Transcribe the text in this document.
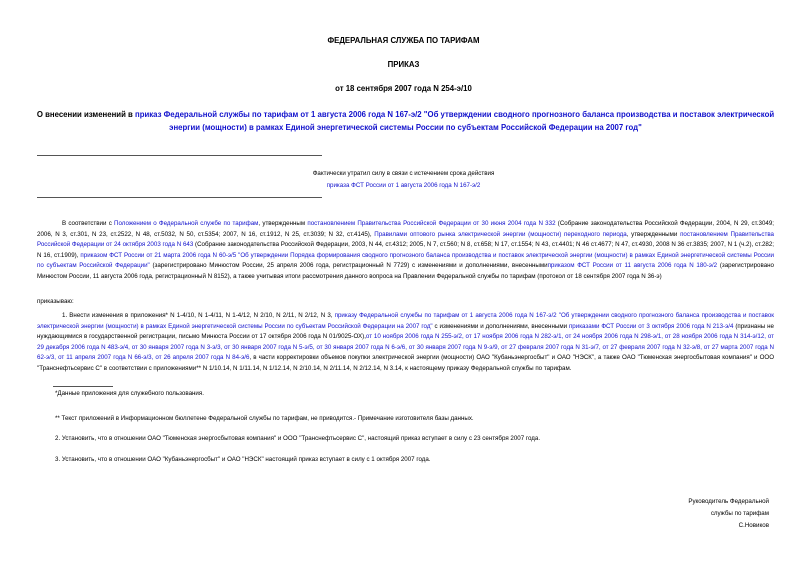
ФЕДЕРАЛЬНАЯ СЛУЖБА ПО ТАРИФАМ
ПРИКАЗ
от 18 сентября 2007 года N 254-э/10
О внесении изменений в приказ Федеральной службы по тарифам от 1 августа 2006 года N 167-э/2 "Об утверждении сводного прогнозного баланса производства и поставок электрической энергии (мощности) в рамках Единой энергетической системы России по субъектам Российской Федерации на 2007 год"
Фактически утратил силу в связи с истечением срока действия
приказа ФСТ России от 1 августа 2006 года N 167-э/2
В соответствии с Положением о Федеральной службе по тарифам, утвержденным постановлением Правительства Российской Федерации от 30 июня 2004 года N 332 (Собрание законодательства Российской Федерации, 2004, N 29, ст.3049; 2006, N 3, ст.301, N 23, ст.2522, N 48, ст.5032, N 50, ст.5354; 2007, N 16, ст.1912, N 25, ст.3039; N 32, ст.4145), Правилами оптового рынка электрической энергии (мощности) переходного периода, утвержденными постановлением Правительства Российской Федерации от 24 октября 2003 года N 643 (Собрание законодательства Российской Федерации, 2003, N 44, ст.4312; 2005, N 7, ст.560; N 8, ст.658; N 17, ст.1554; N 43, ст.4401; N 46 ст.4677; N 47, ст.4930, 2008 N 36 ст.3835; 2007, N 1 (ч.2), ст.282; N 16, ст.1909), приказом ФСТ России от 21 марта 2006 года N 60-э/5 "Об утверждении Порядка формирования сводного прогнозного баланса производства и поставок электрической энергии (мощности) в рамках Единой энергетической системы России по субъектам Российской Федерации" (зарегистрировано Минюстом России, 25 апреля 2006 года, регистрационный N 7729) с изменениями и дополнениями, внесеннымиприказом ФСТ России от 11 августа 2006 года N 180-э/2 (зарегистрировано Минюстом России, 11 августа 2006 года, регистрационный N 8152), а также учитывая итоги рассмотрения данного вопроса на Правлении Федеральной службы по тарифам (протокол от 18 сентября 2007 года N 36-э)
приказываю:
1. Внести изменения в приложения* N 1-4/10, N 1-4/11, N 1-4/12, N 2/10, N 2/11, N 2/12, N 3, приказу Федеральной службы по тарифам от 1 августа 2006 года N 167-э/2 "Об утверждении сводного прогнозного баланса производства и поставок электрической энергии (мощности) в рамках Единой энергетической системы России по субъектам Российской Федерации на 2007 год" с изменениями и дополнениями, внесенными приказами ФСТ России от 3 октября 2006 года N 213-э/4 (признаны не нуждающимися в государственной регистрации, письмо Минюста России от 17 октября 2006 года N 01/9025-ОХ),от 10 ноября 2006 года N 255-э/2, от 17 ноября 2006 года N 282-э/1, от 24 ноября 2006 года N 298-э/1, от 28 ноября 2006 года N 314-э/12, от 29 декабря 2006 года N 483-э/4, от 30 января 2007 года N 3-э/3, от 30 января 2007 года N 5-э/5, от 30 января 2007 года N 6-э/6, от 30 января 2007 года N 9-э/9, от 27 февраля 2007 года N 31-э/7, от 27 февраля 2007 года N 32-э/8, от 27 марта 2007 года N 62-э/3, от 11 апреля 2007 года N 66-э/3, от 26 апреля 2007 года N 84-э/6, в части корректировки объемов покупки электрической энергии (мощности) ОАО "Кубаньэнергосбыт" и ОАО "НЭСК", а также ОАО "Тюменская энергосбытовая компания" и ООО "Транснефтьсервис С" в соответствии с приложениями** N 1/10.14, N 1/11.14, N 1/12.14, N 2/10.14, N 2/11.14, N 2/12.14, N 3.14, к настоящему приказу Федеральной службы по тарифам.
*Данные приложения для служебного пользования.
** Текст приложений в Информационном бюллетене Федеральной службы по тарифам, не приводится.- Примечание изготовителя базы данных.
2. Установить, что в отношении ОАО "Тюменская энергосбытовая компания" и ООО "Транснефтьсервис С", настоящий приказ вступает в силу с 23 сентября 2007 года.
3. Установить, что в отношении ОАО "Кубаньэнергосбыт" и ОАО "НЭСК" настоящий приказ вступает в силу с 1 октября 2007 года.
Руководитель Федеральной
службы по тарифам
С.Новиков
